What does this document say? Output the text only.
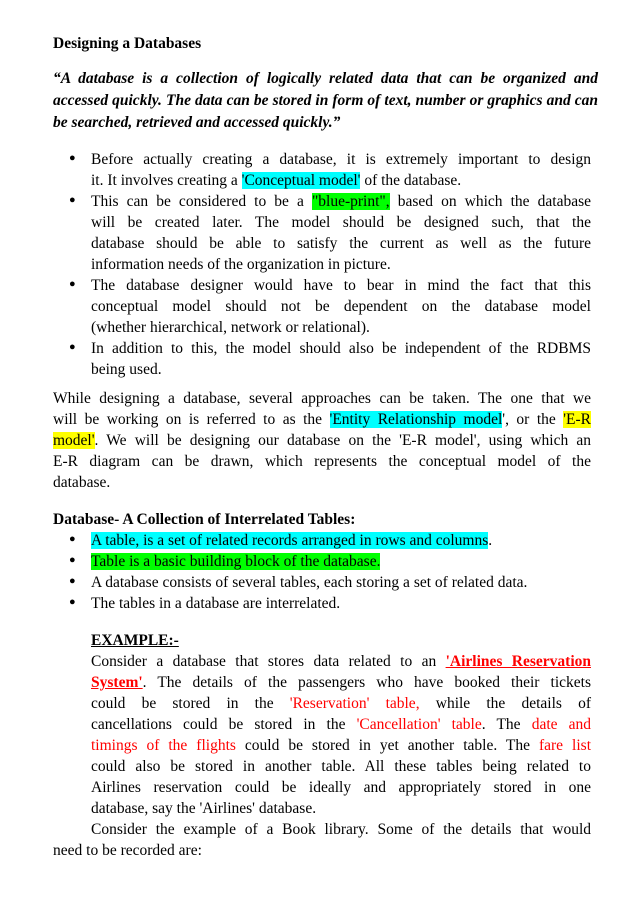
Designing a Databases
“A database is a collection of logically related data that can be organized and accessed quickly. The data can be stored in form of text, number or graphics and can be searched, retrieved and accessed quickly.”
● Before actually creating a database, it is extremely important to design
it. It involves creating a 'Conceptual model' of the database.
● This can be considered to be a "blue-print", based on which the database
will be created later. The model should be designed such, that the
database should be able to satisfy the current as well as the future
information needs of the organization in picture.
● The database designer would have to bear in mind the fact that this
conceptual model should not be dependent on the database model
(whether hierarchical, network or relational).
● In addition to this, the model should also be independent of the RDBMS
being used.
While designing a database, several approaches can be taken. The one that we
will be working on is referred to as the 'Entity Relationship model', or the 'E-R
model'. We will be designing our database on the 'E-R model', using which an
E-R diagram can be drawn, which represents the conceptual model of the
database.
Database- A Collection of Interrelated Tables:
● A table, is a set of related records arranged in rows and columns.
● Table is a basic building block of the database.
● A database consists of several tables, each storing a set of related data.
● The tables in a database are interrelated.
EXAMPLE:-
Consider a database that stores data related to an 'Airlines Reservation
System'. The details of the passengers who have booked their tickets
could be stored in the 'Reservation' table, while the details of
cancellations could be stored in the 'Cancellation' table. The date and
timings of the flights could be stored in yet another table. The fare list
could also be stored in another table. All these tables being related to
Airlines reservation could be ideally and appropriately stored in one
database, say the 'Airlines' database.
Consider the example of a Book library. Some of the details that would
need to be recorded are:
